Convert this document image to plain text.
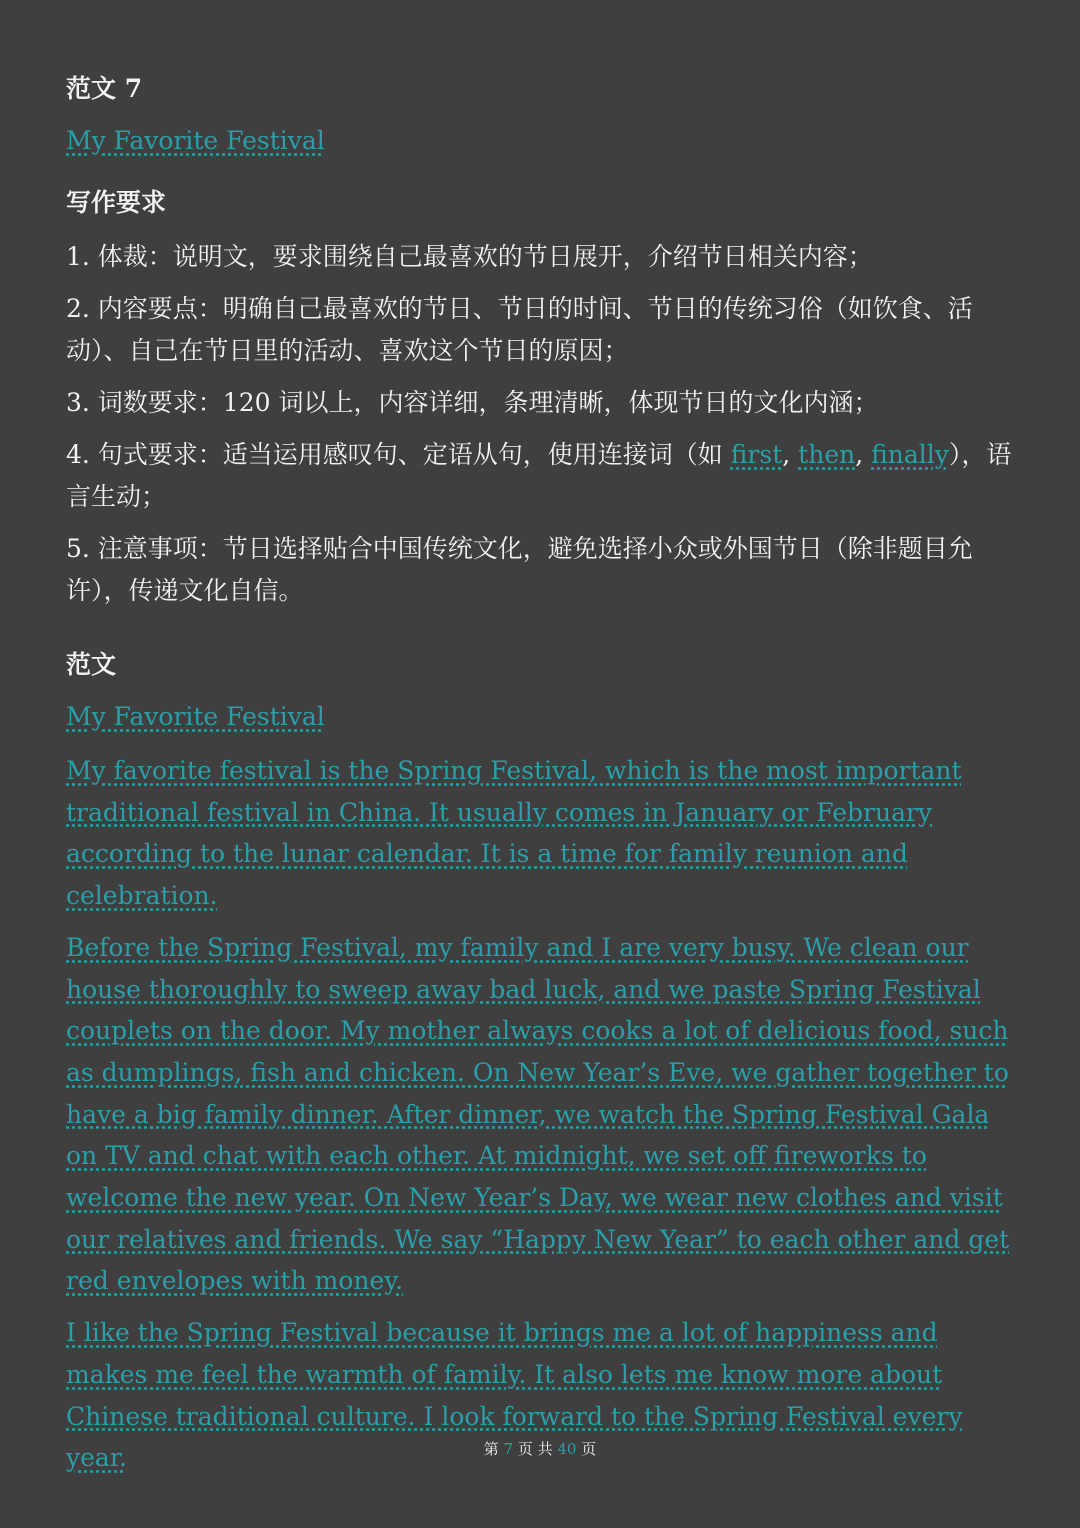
范文 7
My Favorite Festival
写作要求

1. 体裁：说明文，要求围绕自己最喜欢的节日展开，介绍节日相关内容；

2. 内容要点：明确自己最喜欢的节日、节日的时间、节日的传统习俗（如饮食、活动）、自己在节日里的活动、喜欢这个节日的原因；

3. 词数要求：120 词以上，内容详细，条理清晰，体现节日的文化内涵；

4. 句式要求：适当运用感叹句、定语从句，使用连接词（如 first, then, finally），语言生动；

5. 注意事项：节日选择贴合中国传统文化，避免选择小众或外国节日（除非题目允许），传递文化自信。

范文
My Favorite Festival

My favorite festival is the Spring Festival, which is the most important traditional festival in China. It usually comes in January or February according to the lunar calendar. It is a time for family reunion and celebration.

Before the Spring Festival, my family and I are very busy. We clean our house thoroughly to sweep away bad luck, and we paste Spring Festival couplets on the door. My mother always cooks a lot of delicious food, such as dumplings, fish and chicken. On New Year’s Eve, we gather together to have a big family dinner. After dinner, we watch the Spring Festival Gala on TV and chat with each other. At midnight, we set off fireworks to welcome the new year. On New Year’s Day, we wear new clothes and visit our relatives and friends. We say “Happy New Year” to each other and get red envelopes with money.

I like the Spring Festival because it brings me a lot of happiness and makes me feel the warmth of family. It also lets me know more about Chinese traditional culture. I look forward to the Spring Festival every year.	第 7 页 共 40 页
